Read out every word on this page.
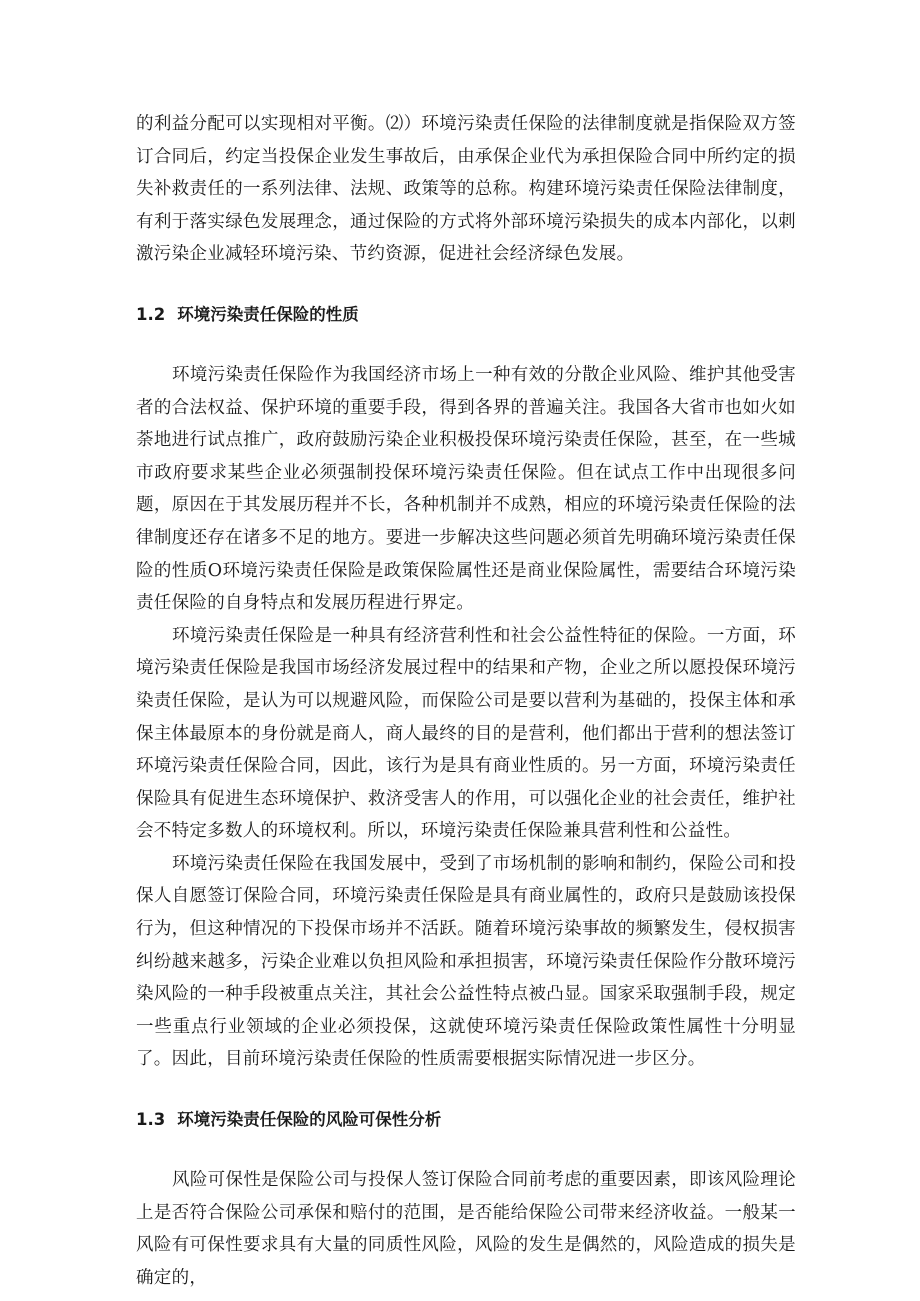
的利益分配可以实现相对平衡。⑵）环境污染责任保险的法律制度就是指保险双方签订合同后，约定当投保企业发生事故后，由承保企业代为承担保险合同中所约定的损失补救责任的一系列法律、法规、政策等的总称。构建环境污染责任保险法律制度，有利于落实绿色发展理念，通过保险的方式将外部环境污染损失的成本内部化，以刺激污染企业减轻环境污染、节约资源，促进社会经济绿色发展。

1.2 环境污染责任保险的性质

环境污染责任保险作为我国经济市场上一种有效的分散企业风险、维护其他受害者的合法权益、保护环境的重要手段，得到各界的普遍关注。我国各大省市也如火如荼地进行试点推广，政府鼓励污染企业积极投保环境污染责任保险，甚至，在一些城市政府要求某些企业必须强制投保环境污染责任保险。但在试点工作中出现很多问题，原因在于其发展历程并不长，各种机制并不成熟，相应的环境污染责任保险的法律制度还存在诸多不足的地方。要进一步解决这些问题必须首先明确环境污染责任保险的性质O环境污染责任保险是政策保险属性还是商业保险属性，需要结合环境污染责任保险的自身特点和发展历程进行界定。

环境污染责任保险是一种具有经济营利性和社会公益性特征的保险。一方面，环境污染责任保险是我国市场经济发展过程中的结果和产物，企业之所以愿投保环境污染责任保险，是认为可以规避风险，而保险公司是要以营利为基础的，投保主体和承保主体最原本的身份就是商人，商人最终的目的是营利，他们都出于营利的想法签订环境污染责任保险合同，因此，该行为是具有商业性质的。另一方面，环境污染责任保险具有促进生态环境保护、救济受害人的作用，可以强化企业的社会责任，维护社会不特定多数人的环境权利。所以，环境污染责任保险兼具营利性和公益性。

环境污染责任保险在我国发展中，受到了市场机制的影响和制约，保险公司和投保人自愿签订保险合同，环境污染责任保险是具有商业属性的，政府只是鼓励该投保行为，但这种情况的下投保市场并不活跃。随着环境污染事故的频繁发生，侵权损害纠纷越来越多，污染企业难以负担风险和承担损害，环境污染责任保险作分散环境污染风险的一种手段被重点关注，其社会公益性特点被凸显。国家采取强制手段，规定一些重点行业领域的企业必须投保，这就使环境污染责任保险政策性属性十分明显了。因此，目前环境污染责任保险的性质需要根据实际情况进一步区分。

1.3 环境污染责任保险的风险可保性分析

风险可保性是保险公司与投保人签订保险合同前考虑的重要因素，即该风险理论上是否符合保险公司承保和赔付的范围，是否能给保险公司带来经济收益。一般某一风险有可保性要求具有大量的同质性风险，风险的发生是偶然的，风险造成的损失是确定的，
